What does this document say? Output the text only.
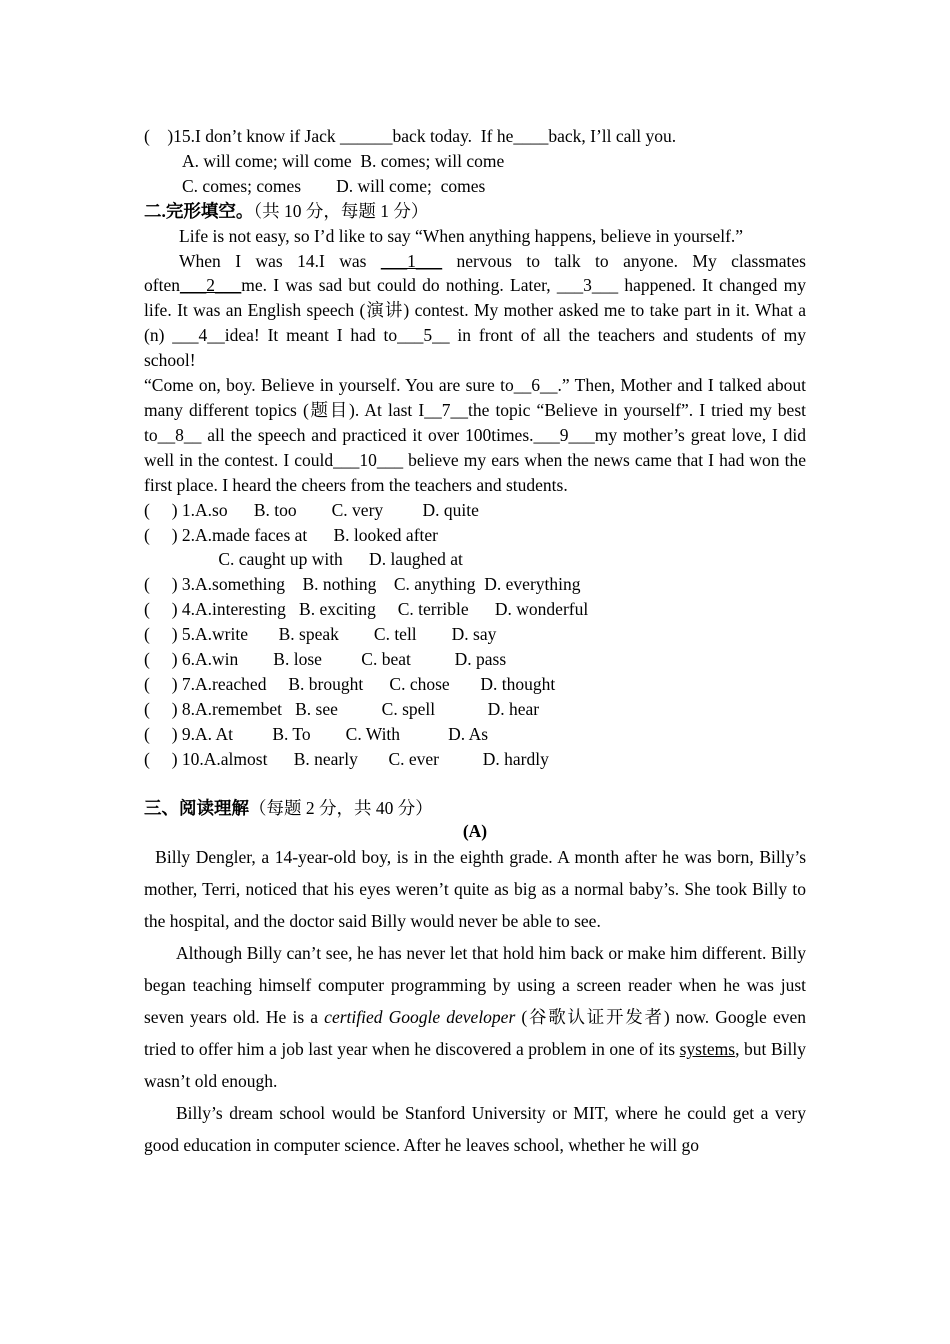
(    )15.I don’t know if Jack ______back today.  If he____back, I’ll call you.
A. will come; will come  B. comes; will come
C. comes; comes        D. will come;  comes
二.完形填空。（共 10 分，每题 1 分）
Life is not easy, so I’d like to say “When anything happens, believe in yourself.”
When I was 14.I was ___1___ nervous to talk to anyone. My classmates often___2___me. I was sad but could do nothing. Later, ___3___ happened. It changed my life. It was an English speech (演讲) contest. My mother asked me to take part in it. What a (n) ___4__idea! It meant I had to___5__ in front of all the teachers and students of my school!
“Come on, boy. Believe in yourself. You are sure to__6__.” Then, Mother and I talked about many different topics (题目). At last I__7__the topic “Believe in yourself”. I tried my best to__8__ all the speech and practiced it over 100times.___9___my mother’s great love, I did well in the contest. I could___10___ believe my ears when the news came that I had won the first place. I heard the cheers from the teachers and students.
(     ) 1.A.so      B. too        C. very         D. quite
(     ) 2.A.made faces at      B. looked after
C. caught up with      D. laughed at
(     ) 3.A.something    B. nothing    C. anything  D. everything
(     ) 4.A.interesting   B. exciting     C. terrible      D. wonderful
(     ) 5.A.write       B. speak        C. tell        D. say
(     ) 6.A.win        B. lose         C. beat          D. pass
(     ) 7.A.reached     B. brought      C. chose       D. thought
(     ) 8.A.remembet   B. see          C. spell            D. hear
(     ) 9.A. At         B. To        C. With           D. As
(     ) 10.A.almost      B. nearly       C. ever          D. hardly
三、阅读理解（每题 2 分，共 40 分）
(A)
Billy Dengler, a 14-year-old boy, is in the eighth grade. A month after he was born, Billy’s mother, Terri, noticed that his eyes weren’t quite as big as a normal baby’s. She took Billy to the hospital, and the doctor said Billy would never be able to see.
Although Billy can’t see, he has never let that hold him back or make him different. Billy began teaching himself computer programming by using a screen reader when he was just seven years old. He is a certified Google developer (谷歌认证开发者) now. Google even tried to offer him a job last year when he discovered a problem in one of its systems, but Billy wasn’t old enough.
Billy’s dream school would be Stanford University or MIT, where he could get a very good education in computer science. After he leaves school, whether he will go
